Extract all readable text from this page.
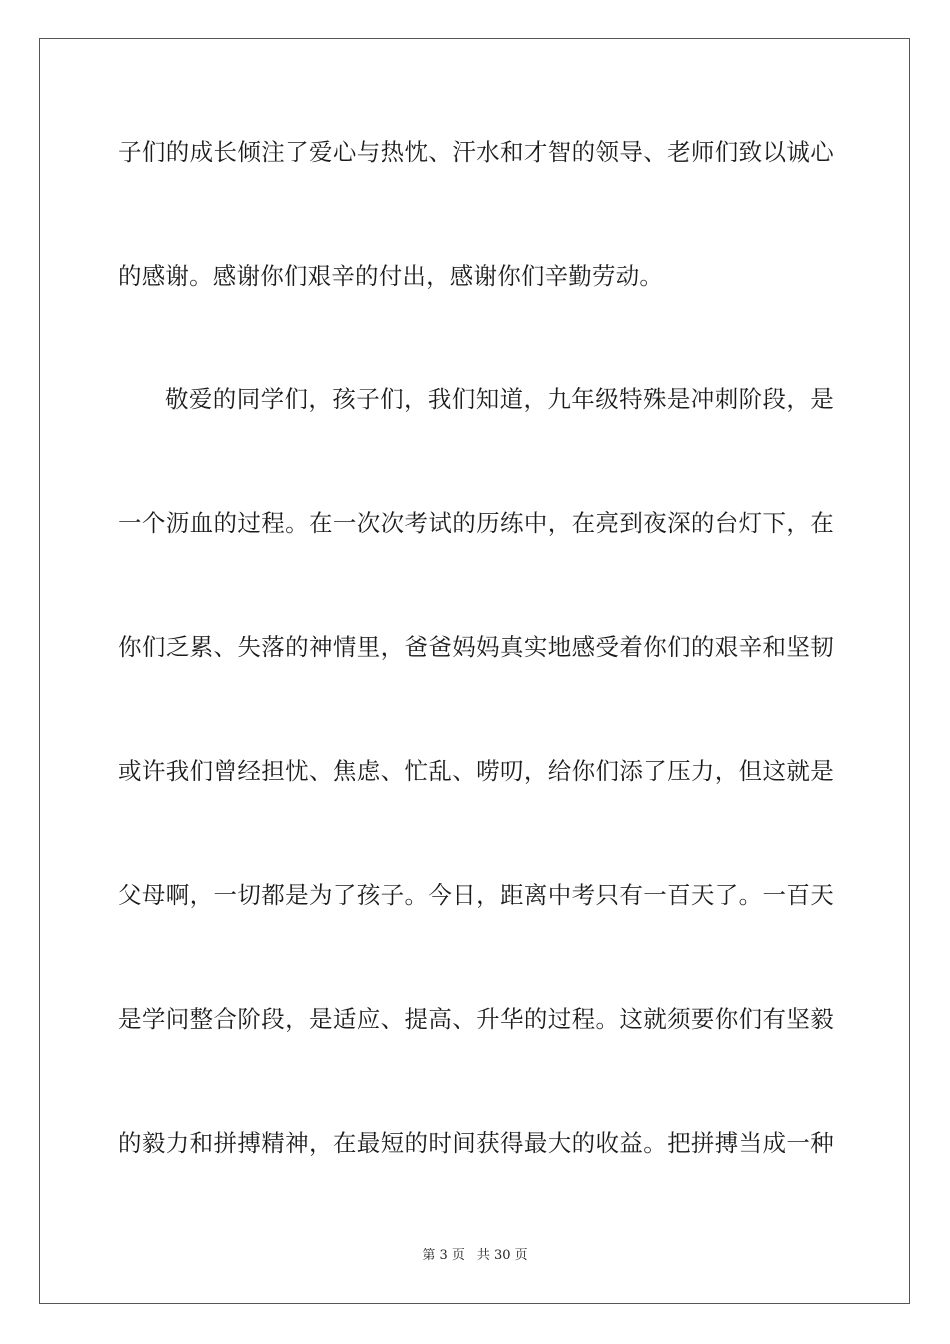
子们的成长倾注了爱心与热忱、汗水和才智的领导、老师们致以诚心
的感谢。感谢你们艰辛的付出，感谢你们辛勤劳动。
敬爱的同学们，孩子们，我们知道，九年级特殊是冲刺阶段，是
一个沥血的过程。在一次次考试的历练中，在亮到夜深的台灯下，在
你们乏累、失落的神情里，爸爸妈妈真实地感受着你们的艰辛和坚韧
或许我们曾经担忧、焦虑、忙乱、唠叨，给你们添了压力，但这就是
父母啊，一切都是为了孩子。今日，距离中考只有一百天了。一百天
是学问整合阶段，是适应、提高、升华的过程。这就须要你们有坚毅
的毅力和拼搏精神，在最短的时间获得最大的收益。把拼搏当成一种
第 3 页 共 30 页
